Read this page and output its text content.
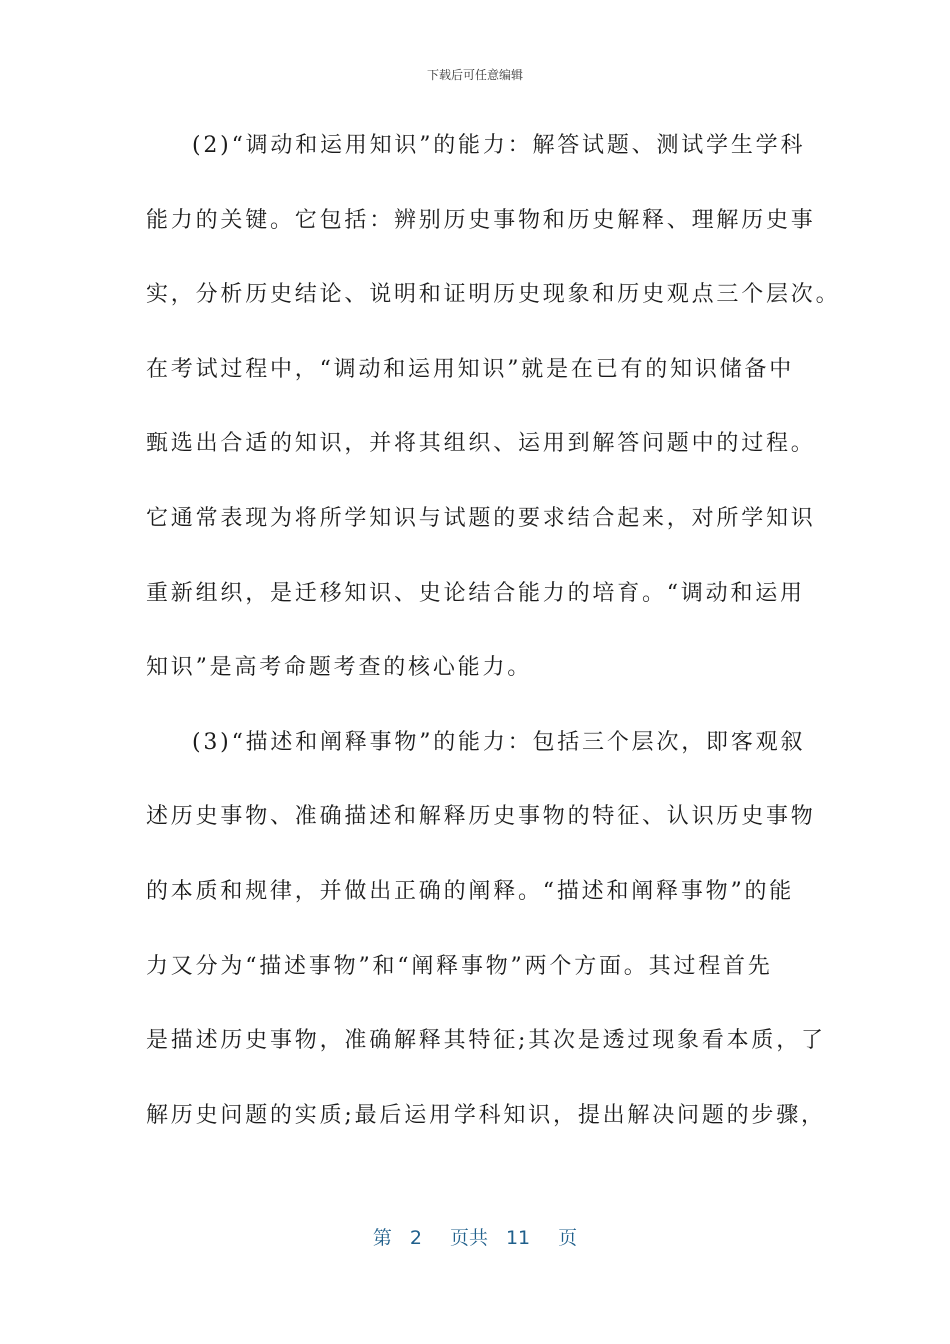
下载后可任意编辑
(2)“调动和运用知识”的能力：解答试题、测试学生学科
能力的关键。它包括：辨别历史事物和历史解释、理解历史事
实，分析历史结论、说明和证明历史现象和历史观点三个层次。
在考试过程中，“调动和运用知识”就是在已有的知识储备中
甄选出合适的知识，并将其组织、运用到解答问题中的过程。
它通常表现为将所学知识与试题的要求结合起来，对所学知识
重新组织，是迁移知识、史论结合能力的培育。“调动和运用
知识”是高考命题考查的核心能力。
(3)“描述和阐释事物”的能力：包括三个层次，即客观叙
述历史事物、准确描述和解释历史事物的特征、认识历史事物
的本质和规律，并做出正确的阐释。“描述和阐释事物”的能
力又分为“描述事物”和“阐释事物”两个方面。其过程首先
是描述历史事物，准确解释其特征;其次是透过现象看本质，了
解历史问题的实质;最后运用学科知识，提出解决问题的步骤，
第 2 页共 11 页
